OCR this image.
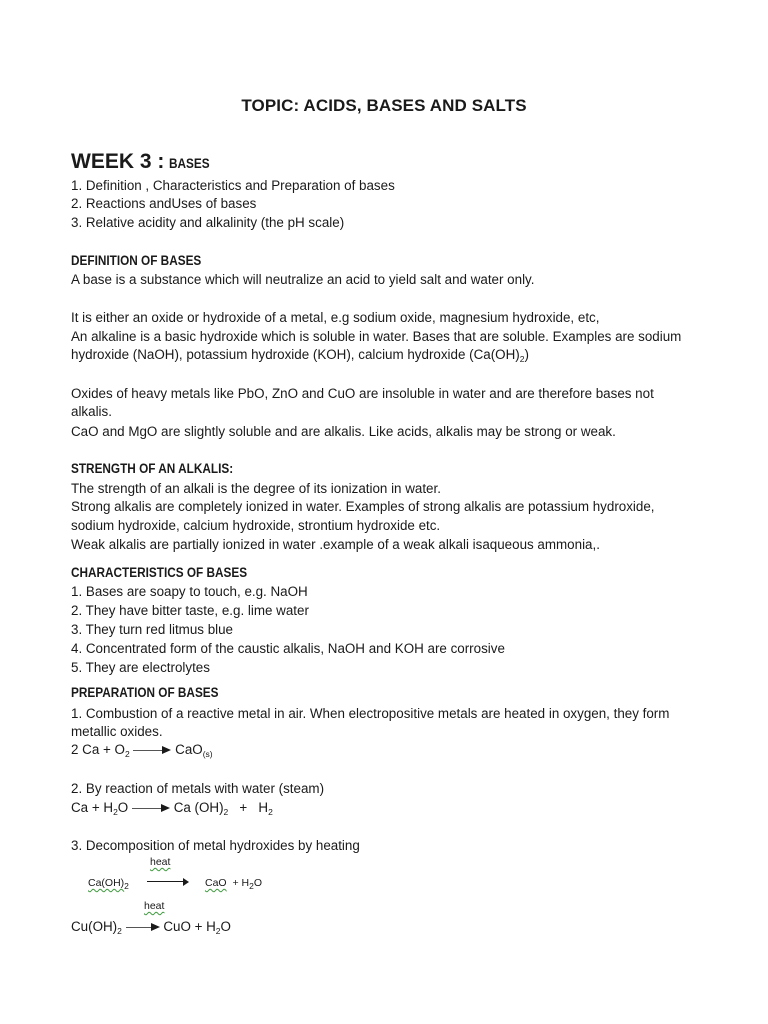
TOPIC: ACIDS, BASES AND SALTS
WEEK 3 : BASES
1. Definition , Characteristics and Preparation of bases
2. Reactions andUses of bases
3. Relative acidity and alkalinity (the pH scale)
DEFINITION OF BASES
A base is a substance which will neutralize an acid to yield salt and water only.
It is either an oxide or hydroxide of a metal, e.g sodium oxide, magnesium hydroxide, etc,
An alkaline is a basic hydroxide which is soluble in water. Bases that are soluble. Examples are sodium
hydroxide (NaOH), potassium hydroxide (KOH), calcium hydroxide $(Ca(OH)_2)$
Oxides of heavy metals like PbO, ZnO and CuO are insoluble in water and are therefore bases not
alkalis.
CaO and MgO are slightly soluble and are alkalis. Like acids, alkalis may be strong or weak.
STRENGTH OF AN ALKALIS:
The strength of an alkali is the degree of its ionization in water.
Strong alkalis are completely ionized in water. Examples of strong alkalis are potassium hydroxide,
sodium hydroxide, calcium hydroxide, strontium hydroxide etc.
Weak alkalis are partially ionized in water .example of a weak alkali isaqueous ammonia,.
CHARACTERISTICS OF BASES
1. Bases are soapy to touch, e.g. NaOH
2. They have bitter taste, e.g. lime water
3. They turn red litmus blue
4. Concentrated form of the caustic alkalis, NaOH and KOH are corrosive
5. They are electrolytes
PREPARATION OF BASES
1. Combustion of a reactive metal in air. When electropositive metals are heated in oxygen, they form
metallic oxides.
2 $Ca + O_2$	CaO$_{(s)}$
2. By reaction of metals with water (steam)
$Ca + H_2O$	Ca $(OH)_2 + H_2$
3. Decomposition of metal hydroxides by heating
heat
$Ca(OH)_2$	CaO + $H_2O$
heat
$Cu(OH)_2$	CuO + $H_2O$
